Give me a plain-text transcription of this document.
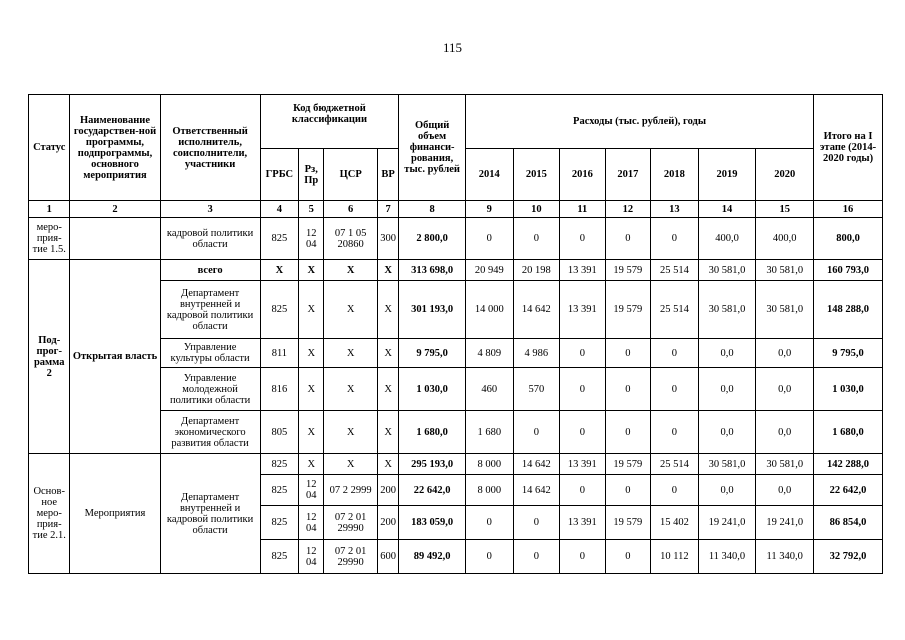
115
Статус	Наименование государствен-ной программы, подпрограммы, основного мероприятия	Ответственный исполнитель, соисполнители, участники	Код бюджетной классификации				Общий объем финанси-рования, тыс. рублей	Расходы (тыс. рублей), годы							Итого на I этапе (2014-2020 годы)
			ГРБС	Рз, Пр	ЦСР	ВР		2014	2015	2016	2017	2018	2019	2020	
1	2	3	4	5	6	7	8	9	10	11	12	13	14	15	16
меро-прия-тие 1.5.		кадровой политики области	825	12 04	07 1 05 20860	300	2 800,0	0	0	0	0	0	400,0	400,0	800,0
Под-прог-рамма 2	Открытая власть	всего	X	X	X	X	313 698,0	20 949	20 198	13 391	19 579	25 514	30 581,0	30 581,0	160 793,0
		Департамент внутренней и кадровой политики области	825	X	X	X	301 193,0	14 000	14 642	13 391	19 579	25 514	30 581,0	30 581,0	148 288,0
		Управление культуры области	811	X	X	X	9 795,0	4 809	4 986	0	0	0	0,0	0,0	9 795,0
		Управление молодежной политики области	816	X	X	X	1 030,0	460	570	0	0	0	0,0	0,0	1 030,0
		Департамент экономического развития области	805	X	X	X	1 680,0	1 680	0	0	0	0	0,0	0,0	1 680,0
Основ-ное меро-прия-тие 2.1.	Мероприятия	Департамент внутренней и кадровой политики области	825	X	X	X	295 193,0	8 000	14 642	13 391	19 579	25 514	30 581,0	30 581,0	142 288,0
			825	12 04	07 2 2999	200	22 642,0	8 000	14 642	0	0	0	0,0	0,0	22 642,0
			825	12 04	07 2 01 29990	200	183 059,0	0	0	13 391	19 579	15 402	19 241,0	19 241,0	86 854,0
			825	12 04	07 2 01 29990	600	89 492,0	0	0	0	0	10 112	11 340,0	11 340,0	32 792,0
